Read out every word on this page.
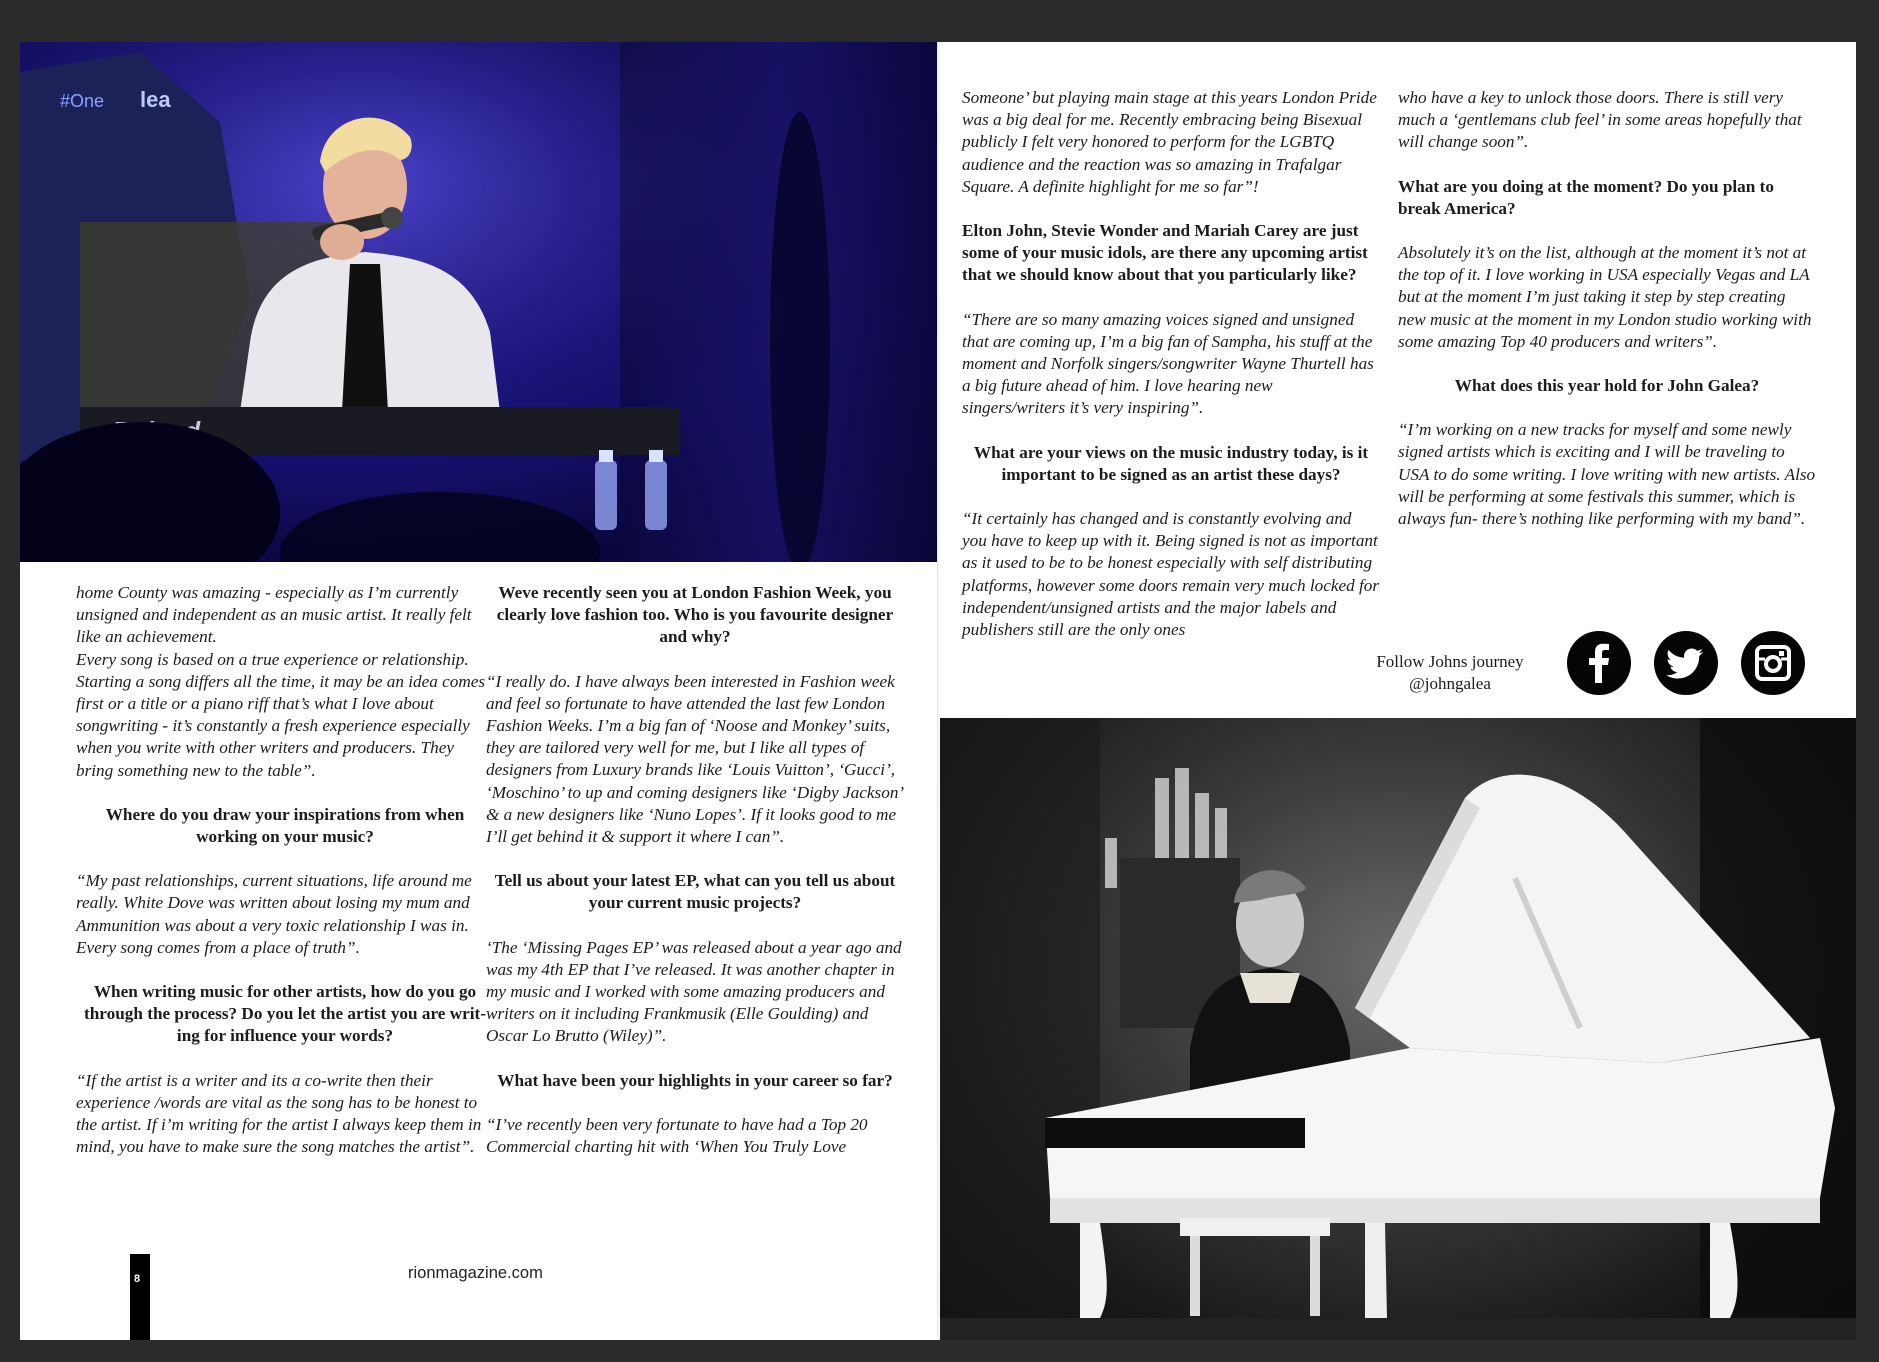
#One lea

home County was amazing - especially as I’m currently unsigned and independent as an music artist. It really felt like an achievement.

Every song is based on a true experience or relationship. Starting a song differs all the time, it may be an idea comes first or a title or a piano riff that’s what I love about songwriting - it’s constantly a fresh experience especially when you write with other writers and producers. They bring something new to the table”.

Where do you draw your inspirations from when working on your music?

“My past relationships, current situations, life around me really. White Dove was written about losing my mum and Ammunition was about a very toxic relationship I was in. Every song comes from a place of truth”.

When writing music for other artists, how do you go through the process? Do you let the artist you are writ-ing for influence your words?

“If the artist is a writer and its a co-write then their experience /words are vital as the song has to be honest to the artist. If i’m writing for the artist I always keep them in mind, you have to make sure the song matches the artist”.

Weve recently seen you at London Fashion Week, you clearly love fashion too. Who is you favourite designer and why?

“I really do. I have always been interested in Fashion week and feel so fortunate to have attended the last few London Fashion Weeks. I’m a big fan of ‘Noose and Monkey’ suits, they are tailored very well for me, but I like all types of designers from Luxury brands like ‘Louis Vuitton’, ‘Gucci’, ‘Moschino’ to up and coming designers like ‘Digby Jackson’ & a new designers like ‘Nuno Lopes’. If it looks good to me I’ll get behind it & support it where I can”.

Tell us about your latest EP, what can you tell us about your current music projects?

‘The ‘Missing Pages EP’ was released about a year ago and was my 4th EP that I’ve released. It was another chapter in my music and I worked with some amazing producers and writers on it including Frankmusik (Elle Goulding) and Oscar Lo Brutto (Wiley)”.

What have been your highlights in your career so far?

“I’ve recently been very fortunate to have had a Top 20 Commercial charting hit with ‘When You Truly Love

8	rionmagazine.com

Someone’ but playing main stage at this years London Pride was a big deal for me. Recently embracing being Bisexual publicly I felt very honored to perform for the LGBTQ audience and the reaction was so amazing in Trafalgar Square. A definite highlight for me so far”!

Elton John, Stevie Wonder and Mariah Carey are just some of your music idols, are there any upcoming artist that we should know about that you particularly like?

“There are so many amazing voices signed and unsigned that are coming up, I’m a big fan of Sampha, his stuff at the moment and Norfolk singers/songwriter Wayne Thurtell has a big future ahead of him. I love hearing new singers/writers it’s very inspiring”.

What are your views on the music industry today, is it important to be signed as an artist these days?

“It certainly has changed and is constantly evolving and you have to keep up with it. Being signed is not as important as it used to be to be honest especially with self distributing platforms, however some doors remain very much locked for independent/unsigned artists and the major labels and publishers still are the only ones

who have a key to unlock those doors. There is still very much a ‘gentlemans club feel’ in some areas hopefully that will change soon”.

What are you doing at the moment? Do you plan to break America?

Absolutely it’s on the list, although at the moment it’s not at the top of it. I love working in USA especially Vegas and LA but at the moment I’m just taking it step by step creating new music at the moment in my London studio working with some amazing Top 40 producers and writers”.

What does this year hold for John Galea?

“I’m working on a new tracks for myself and some newly signed artists which is exciting and I will be traveling to USA to do some writing. I love writing with new artists. Also will be performing at some festivals this summer, which is always fun- there’s nothing like performing with my band”.

Follow Johns journey
@johngalea
